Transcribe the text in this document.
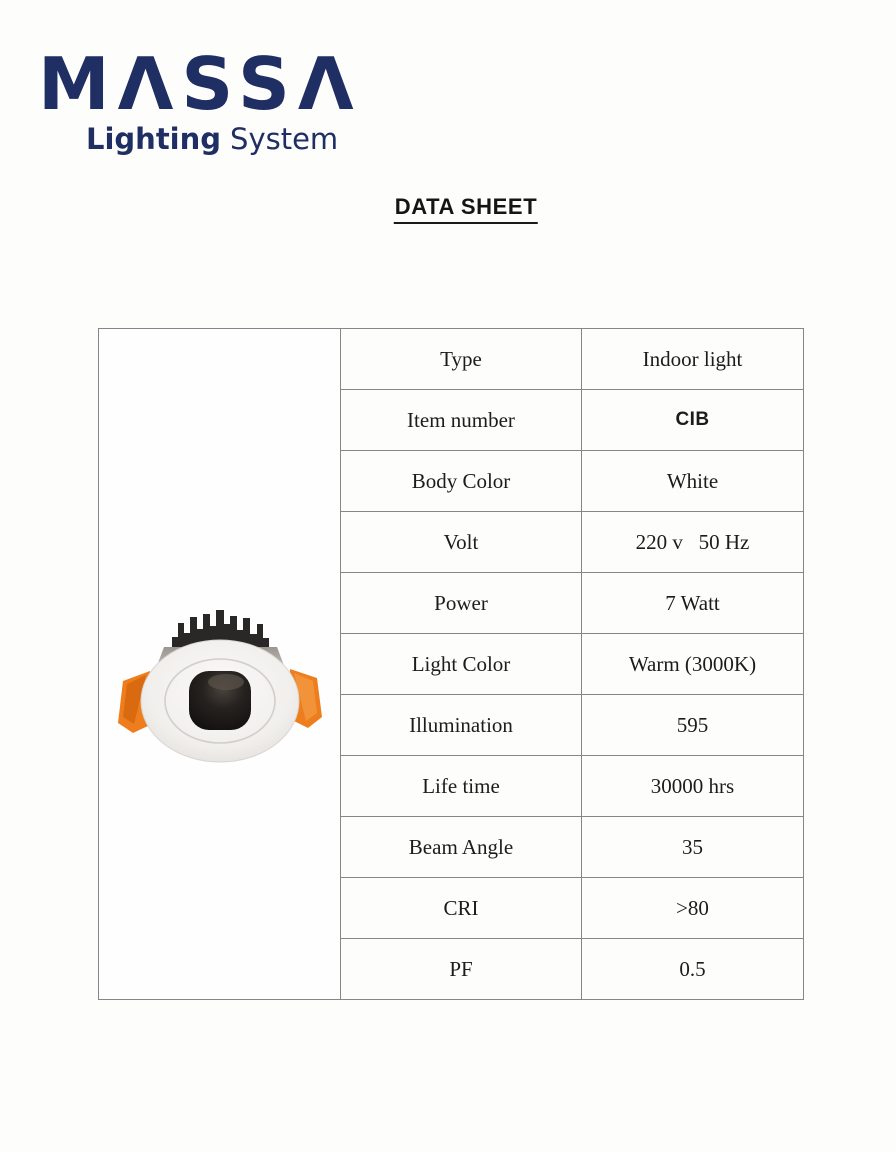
MΛSSΛ
Lighting System
DATA SHEET
	Type	Indoor light
	Item number	CIB
	Body Color	White
	Volt	220 v   50 Hz
	Power	7 Watt
	Light Color	Warm (3000K)
	Illumination	595
	Life time	30000 hrs
	Beam Angle	35
	CRI	>80
	PF	0.5
